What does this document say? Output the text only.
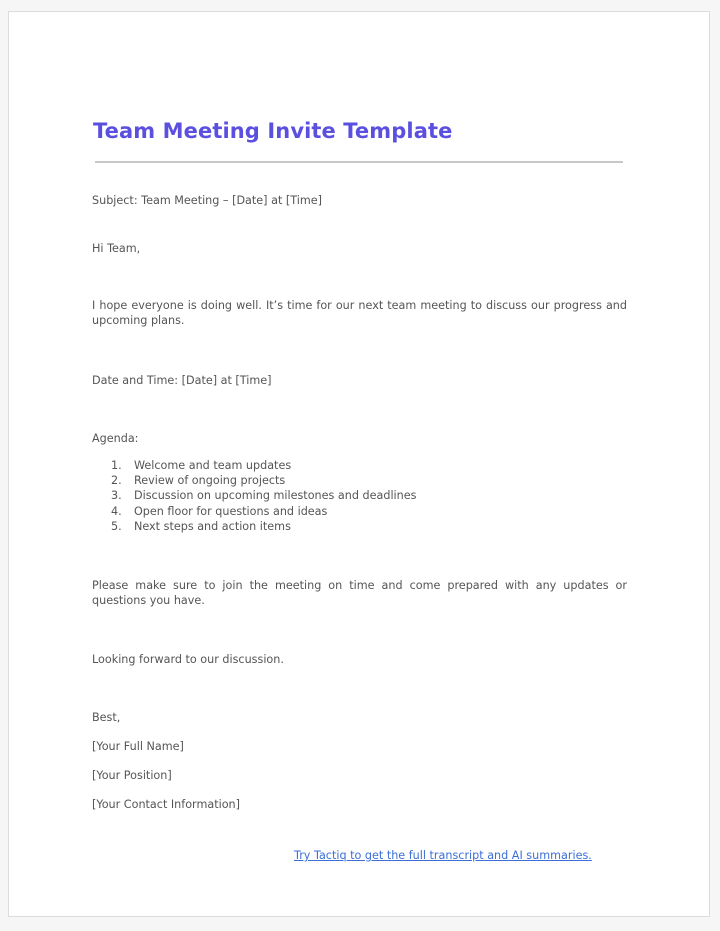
Team Meeting Invite Template

Subject: Team Meeting – [Date] at [Time]

Hi Team,

I hope everyone is doing well. It’s time for our next team meeting to discuss our progress and upcoming plans.

Date and Time: [Date] at [Time]

Agenda:

1.	Welcome and team updates
2.	Review of ongoing projects
3.	Discussion on upcoming milestones and deadlines
4.	Open floor for questions and ideas
5.	Next steps and action items

Please make sure to join the meeting on time and come prepared with any updates or questions you have.

Looking forward to our discussion.

Best,

[Your Full Name]

[Your Position]

[Your Contact Information]

Try Tactiq to get the full transcript and AI summaries.
